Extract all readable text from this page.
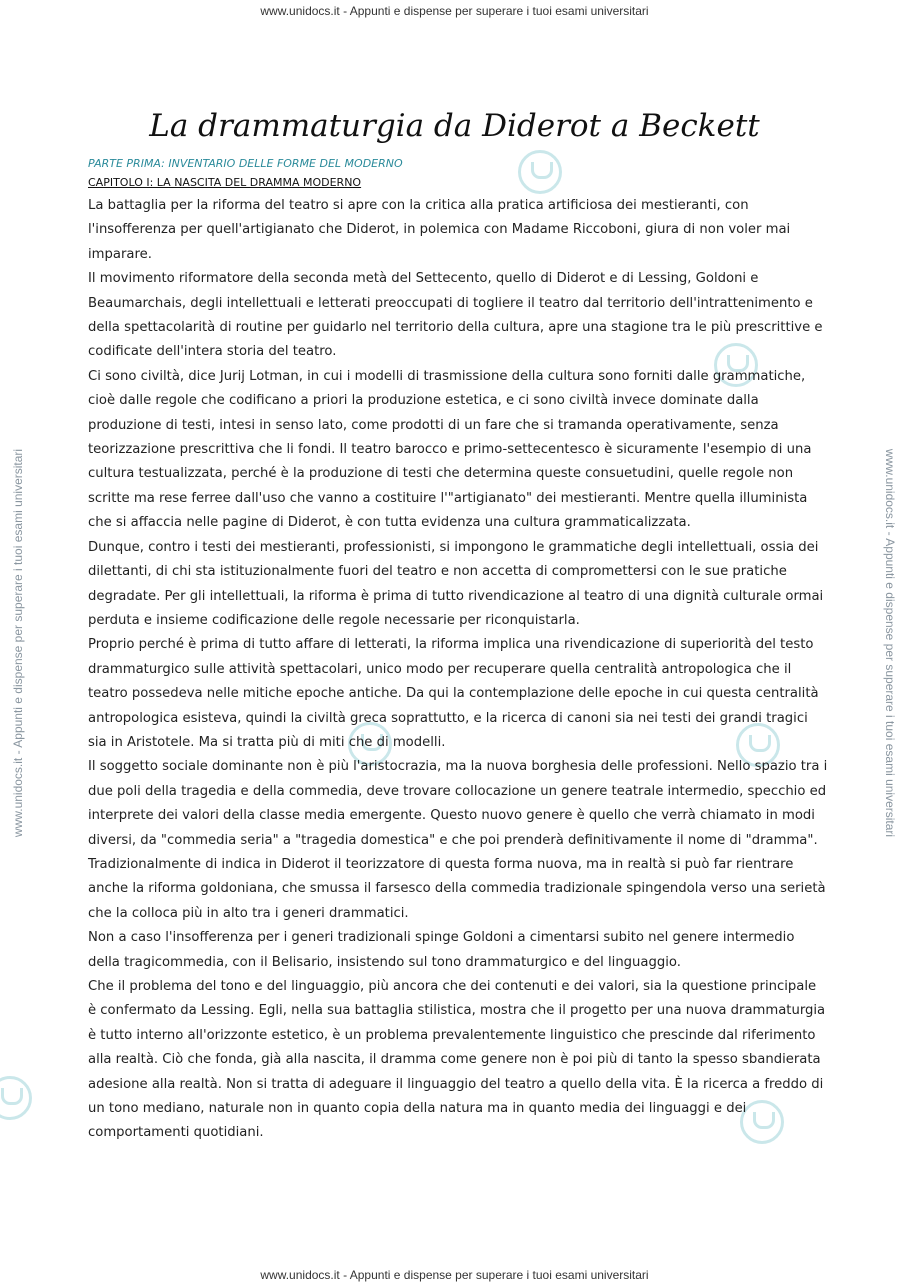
www.unidocs.it - Appunti e dispense per superare i tuoi esami universitari
www.unidocs.it - Appunti e dispense per superare i tuoi esami universitari	www.unidocs.it - Appunti e dispense per superare i tuoi esami universitari
La drammaturgia da Diderot a Beckett
PARTE PRIMA: INVENTARIO DELLE FORME DEL MODERNO
CAPITOLO I: LA NASCITA DEL DRAMMA MODERNO

La battaglia per la riforma del teatro si apre con la critica alla pratica artificiosa dei mestieranti, con l'insofferenza per quell'artigianato che Diderot, in polemica con Madame Riccoboni, giura di non voler mai imparare.

Il movimento riformatore della seconda metà del Settecento, quello di Diderot e di Lessing, Goldoni e Beaumarchais, degli intellettuali e letterati preoccupati di togliere il teatro dal territorio dell'intrattenimento e della spettacolarità di routine per guidarlo nel territorio della cultura, apre una stagione tra le più prescrittive e codificate dell'intera storia del teatro.

Ci sono civiltà, dice Jurij Lotman, in cui i modelli di trasmissione della cultura sono forniti dalle grammatiche, cioè dalle regole che codificano a priori la produzione estetica, e ci sono civiltà invece dominate dalla produzione di testi, intesi in senso lato, come prodotti di un fare che si tramanda operativamente, senza teorizzazione prescrittiva che li fondi. Il teatro barocco e primo-settecentesco è sicuramente l'esempio di una cultura testualizzata, perché è la produzione di testi che determina queste consuetudini, quelle regole non scritte ma rese ferree dall'uso che vanno a costituire l'"artigianato" dei mestieranti. Mentre quella illuminista che si affaccia nelle pagine di Diderot, è con tutta evidenza una cultura grammaticalizzata.

Dunque, contro i testi dei mestieranti, professionisti, si impongono le grammatiche degli intellettuali, ossia dei dilettanti, di chi sta istituzionalmente fuori del teatro e non accetta di compromettersi con le sue pratiche degradate. Per gli intellettuali, la riforma è prima di tutto rivendicazione al teatro di una dignità culturale ormai perduta e insieme codificazione delle regole necessarie per riconquistarla.

Proprio perché è prima di tutto affare di letterati, la riforma implica una rivendicazione di superiorità del testo drammaturgico sulle attività spettacolari, unico modo per recuperare quella centralità antropologica che il teatro possedeva nelle mitiche epoche antiche. Da qui la contemplazione delle epoche in cui questa centralità antropologica esisteva, quindi la civiltà greca soprattutto, e la ricerca di canoni sia nei testi dei grandi tragici sia in Aristotele. Ma si tratta più di miti che di modelli.

Il soggetto sociale dominante non è più l'aristocrazia, ma la nuova borghesia delle professioni. Nello spazio tra i due poli della tragedia e della commedia, deve trovare collocazione un genere teatrale intermedio, specchio ed interprete dei valori della classe media emergente. Questo nuovo genere è quello che verrà chiamato in modi diversi, da "commedia seria" a "tragedia domestica" e che poi prenderà definitivamente il nome di "dramma". Tradizionalmente di indica in Diderot il teorizzatore di questa forma nuova, ma in realtà si può far rientrare anche la riforma goldoniana, che smussa il farsesco della commedia tradizionale spingendola verso una serietà che la colloca più in alto tra i generi drammatici.

Non a caso l'insofferenza per i generi tradizionali spinge Goldoni a cimentarsi subito nel genere intermedio della tragicommedia, con il Belisario, insistendo sul tono drammaturgico e del linguaggio.

Che il problema del tono e del linguaggio, più ancora che dei contenuti e dei valori, sia la questione principale è confermato da Lessing. Egli, nella sua battaglia stilistica, mostra che il progetto per una nuova drammaturgia è tutto interno all'orizzonte estetico, è un problema prevalentemente linguistico che prescinde dal riferimento alla realtà. Ciò che fonda, già alla nascita, il dramma come genere non è poi più di tanto la spesso sbandierata adesione alla realtà. Non si tratta di adeguare il linguaggio del teatro a quello della vita. È la ricerca a freddo di un tono mediano, naturale non in quanto copia della natura ma in quanto media dei linguaggi e dei comportamenti quotidiani.

www.unidocs.it - Appunti e dispense per superare i tuoi esami universitari
